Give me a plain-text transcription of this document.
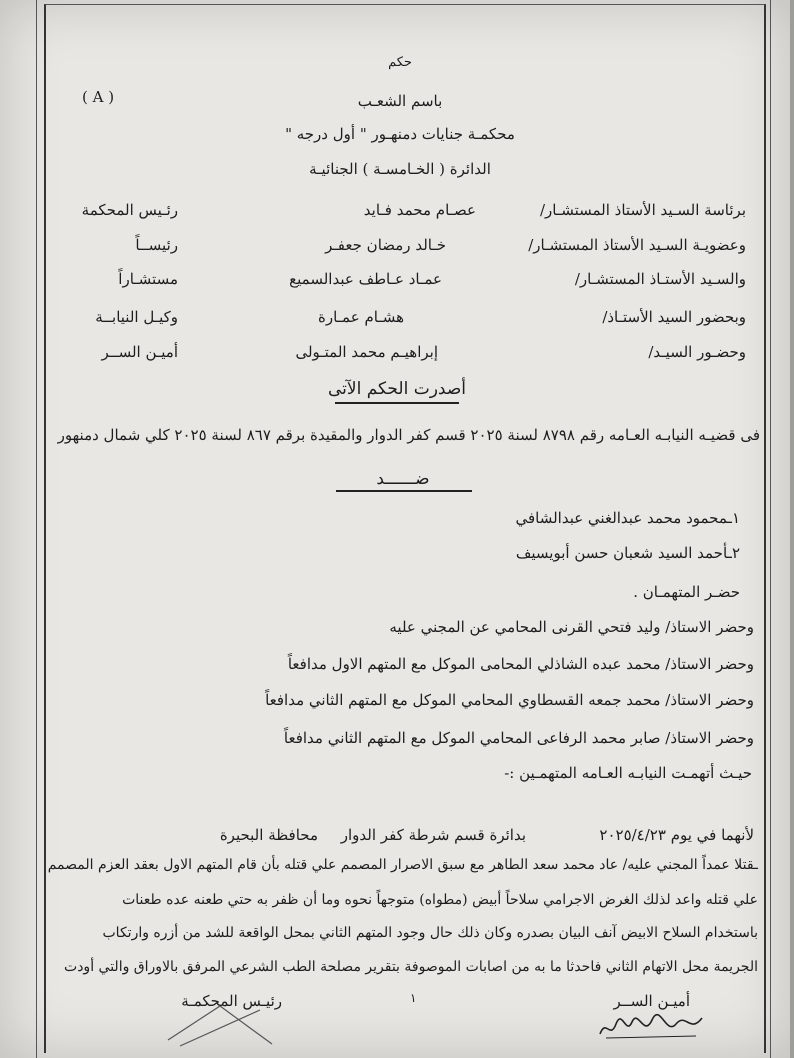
حكم
( A )	باسم الشعـب
محكمـة جنايات دمنهـور " أول درجه "
الدائرة ( الخـامسـة ) الجنائيـة
برئاسة السـيد الأستاذ المستشـار/
عصـام محمد فـايد
رئـيس المحكمة
وعضويـة السـيد الأستاذ المستشـار/
خـالد رمضان جعفـر
رئيســاً
والسـيد الأستـاذ المستشـار/
عمـاد عـاطف عبدالسميع
مستشـاراً
وبحضور السيد الأستـاذ/
هشـام عمـارة
وكيـل النيابــة
وحضـور السيـد/
إبراهيـم محمد المتـولى
أميـن الســر
أصدرت الحكم الآتى
فى قضيـه النيابـه العـامه رقم ٨٧٩٨ لسنة ٢٠٢٥ قسم كفر الدوار والمقيدة برقم ٨٦٧ لسنة ٢٠٢٥ كلي شمال دمنهور
ضــــــد
١ـمحمود محمد عبدالغني عبدالشافي
٢ـأحمد السيد شعبان حسن أبويسيف
حضـر المتهمـان .
وحضر الاستاذ/ وليد فتحي القرنى المحامي عن المجني عليه
وحضر الاستاذ/ محمد عبده الشاذلي المحامى الموكل مع المتهم الاول مدافعاً
وحضر الاستاذ/ محمد جمعه القسطاوي المحامي الموكل مع المتهم الثاني مدافعاً
وحضر الاستاذ/ صابر محمد الرفاعى المحامي الموكل مع المتهم الثاني مدافعاً
حيـث أتهمـت النيابـه العـامه المتهمـين :-
لأنهما في يوم ٢٠٢٥/٤/٢٣
بدائرة قسم شرطة كفر الدوار
محافظة البحيرة
ـقتلا عمداً المجني عليه/ عاد محمد سعد الطاهر مع سبق الاصرار المصمم علي قتله بأن قام المتهم الاول بعقد العزم المصمم
علي قتله واعد لذلك الغرض الاجرامي سلاحاً أبيض (مطواه) متوجهاً نحوه وما أن ظفر به حتي طعنه عده طعنات
باستخدام السلاح الابيض آنف البيان بصدره وكان ذلك حال وجود المتهم الثاني بمحل الواقعة للشد من أزره وارتكاب
الجريمة محل الاتهام الثاني فاحدثا ما به من اصابات الموصوفة بتقرير مصلحة الطب الشرعي المرفق بالاوراق والتي أودت
أميـن الســر
١
رئيـس المحكمـة
